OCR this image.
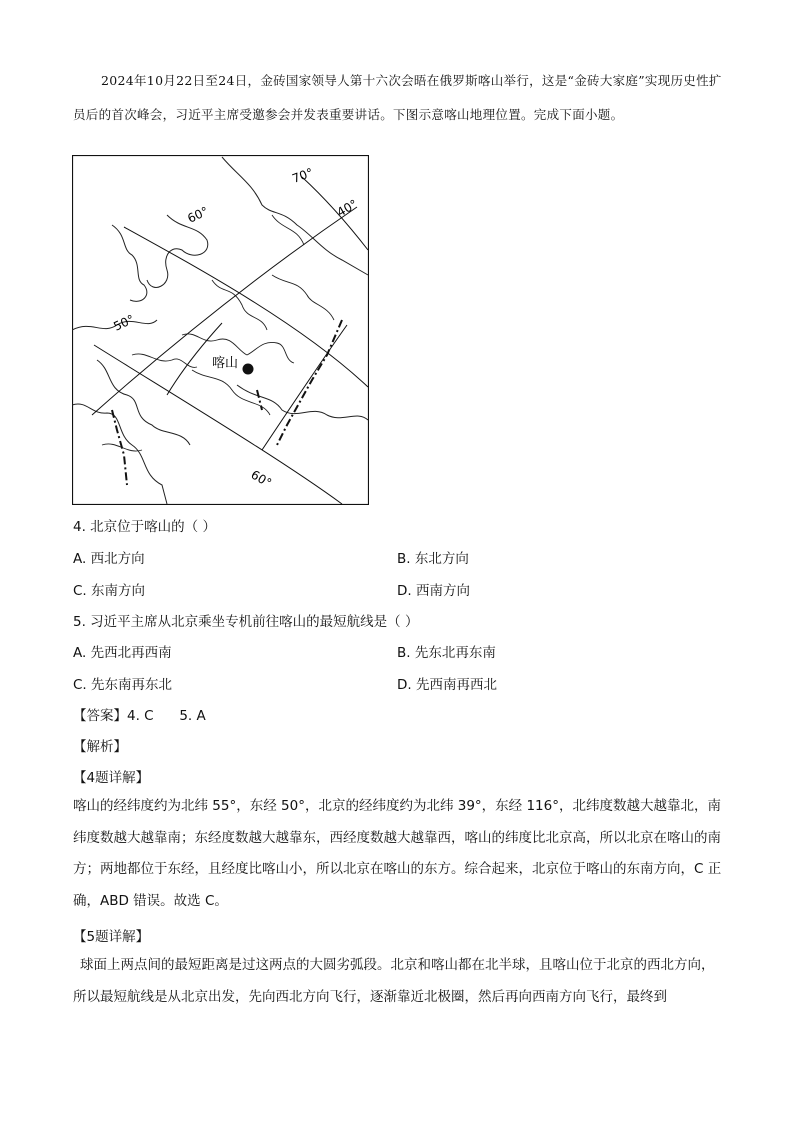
2024年10月22日至24日，金砖国家领导人第十六次会晤在俄罗斯喀山举行，这是“金砖大家庭”实现历史性扩员后的首次峰会，习近平主席受邀参会并发表重要讲话。下图示意喀山地理位置。完成下面小题。
70°
40°
60°
50°
60°
喀山
4. 北京位于喀山的（ ）
A. 西北方向	B. 东北方向
C. 东南方向	D. 西南方向
5. 习近平主席从北京乘坐专机前往喀山的最短航线是（ ）
A. 先西北再西南	B. 先东北再东南
C. 先东南再东北	D. 先西南再西北
【答案】4. C      5. A
【解析】
【4题详解】
喀山的经纬度约为北纬 55°，东经 50°，北京的经纬度约为北纬 39°，东经 116°，北纬度数越大越靠北，南纬度数越大越靠南；东经度数越大越靠东，西经度数越大越靠西，喀山的纬度比北京高，所以北京在喀山的南方；两地都位于东经，且经度比喀山小，所以北京在喀山的东方。综合起来，北京位于喀山的东南方向，C 正确，ABD 错误。故选 C。
【5题详解】
球面上两点间的最短距离是过这两点的大圆劣弧段。北京和喀山都在北半球，且喀山位于北京的西北方向，所以最短航线是从北京出发，先向西北方向飞行，逐渐靠近北极圈，然后再向西南方向飞行，最终到
